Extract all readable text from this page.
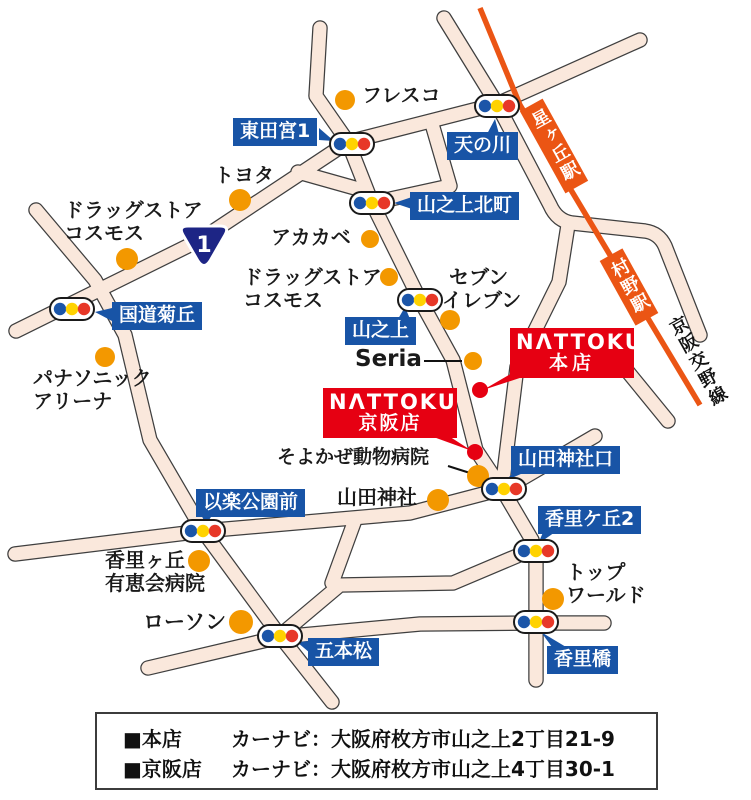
1
フレスコ
トヨタ
ドラッグストア
コスモス	アカカベ
ドラッグストア
コスモス
セブン
イレブン
Seria
そよかぜ動物病院
山田神社
パナソニック
アリーナ
香里ヶ丘
有恵会病院
ローソン
トップ
ワールド
東田宮1
天の川
山之上北町
国道菊丘
山之上
山田神社口
以楽公園前
香里ケ丘2
五本松	香里橋
NΛTTOKU
本店
NΛTTOKU
京阪店
星ヶ丘駅
村野駅
京阪交野線
■本店	カーナビ：大阪府枚方市山之上2丁目21-9
■京阪店	カーナビ：大阪府枚方市山之上4丁目30-1
